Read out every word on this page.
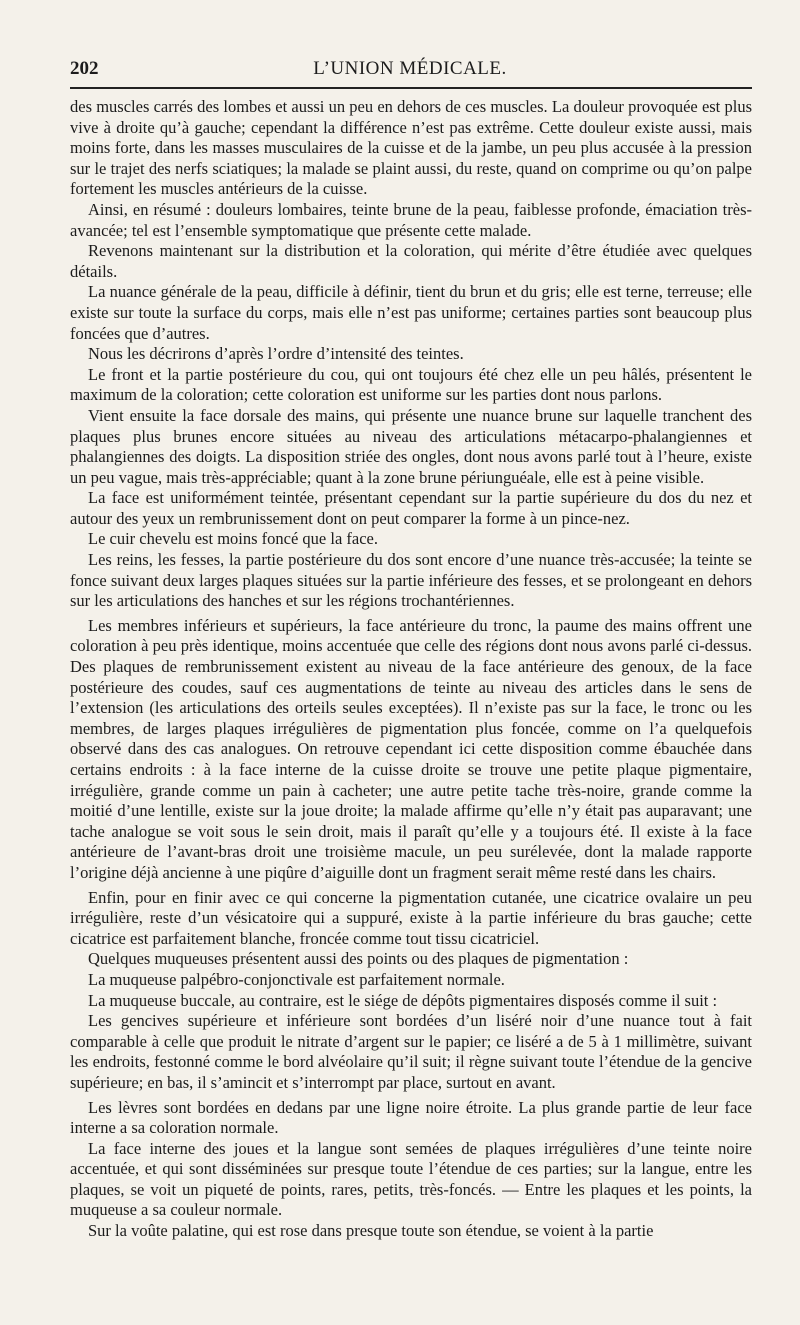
202	L’UNION MÉDICALE.

des muscles carrés des lombes et aussi un peu en dehors de ces muscles. La douleur provoquée est plus vive à droite qu’à gauche; cependant la différence n’est pas extrême. Cette douleur existe aussi, mais moins forte, dans les masses musculaires de la cuisse et de la jambe, un peu plus accusée à la pression sur le trajet des nerfs sciatiques; la malade se plaint aussi, du reste, quand on comprime ou qu’on palpe fortement les muscles antérieurs de la cuisse.

Ainsi, en résumé : douleurs lombaires, teinte brune de la peau, faiblesse profonde, émaciation très-avancée; tel est l’ensemble symptomatique que présente cette malade.

Revenons maintenant sur la distribution et la coloration, qui mérite d’être étudiée avec quelques détails.

La nuance générale de la peau, difficile à définir, tient du brun et du gris; elle est terne, terreuse; elle existe sur toute la surface du corps, mais elle n’est pas uniforme; certaines parties sont beaucoup plus foncées que d’autres.

Nous les décrirons d’après l’ordre d’intensité des teintes.

Le front et la partie postérieure du cou, qui ont toujours été chez elle un peu hâlés, présentent le maximum de la coloration; cette coloration est uniforme sur les parties dont nous parlons.

Vient ensuite la face dorsale des mains, qui présente une nuance brune sur laquelle tranchent des plaques plus brunes encore situées au niveau des articulations métacarpo-phalangiennes et phalangiennes des doigts. La disposition striée des ongles, dont nous avons parlé tout à l’heure, existe un peu vague, mais très-appréciable; quant à la zone brune périunguéale, elle est à peine visible.

La face est uniformément teintée, présentant cependant sur la partie supérieure du dos du nez et autour des yeux un rembrunissement dont on peut comparer la forme à un pince-nez.

Le cuir chevelu est moins foncé que la face.

Les reins, les fesses, la partie postérieure du dos sont encore d’une nuance très-accusée; la teinte se fonce suivant deux larges plaques situées sur la partie inférieure des fesses, et se prolongeant en dehors sur les articulations des hanches et sur les régions trochantériennes.

Les membres inférieurs et supérieurs, la face antérieure du tronc, la paume des mains offrent une coloration à peu près identique, moins accentuée que celle des régions dont nous avons parlé ci-dessus. Des plaques de rembrunissement existent au niveau de la face antérieure des genoux, de la face postérieure des coudes, sauf ces augmentations de teinte au niveau des articles dans le sens de l’extension (les articulations des orteils seules exceptées). Il n’existe pas sur la face, le tronc ou les membres, de larges plaques irrégulières de pigmentation plus foncée, comme on l’a quelquefois observé dans des cas analogues. On retrouve cependant ici cette disposition comme ébauchée dans certains endroits : à la face interne de la cuisse droite se trouve une petite plaque pigmentaire, irrégulière, grande comme un pain à cacheter; une autre petite tache très-noire, grande comme la moitié d’une lentille, existe sur la joue droite; la malade affirme qu’elle n’y était pas auparavant; une tache analogue se voit sous le sein droit, mais il paraît qu’elle y a toujours été. Il existe à la face antérieure de l’avant-bras droit une troisième macule, un peu surélevée, dont la malade rapporte l’origine déjà ancienne à une piqûre d’aiguille dont un fragment serait même resté dans les chairs.

Enfin, pour en finir avec ce qui concerne la pigmentation cutanée, une cicatrice ovalaire un peu irrégulière, reste d’un vésicatoire qui a suppuré, existe à la partie inférieure du bras gauche; cette cicatrice est parfaitement blanche, froncée comme tout tissu cicatriciel.

Quelques muqueuses présentent aussi des points ou des plaques de pigmentation :

La muqueuse palpébro-conjonctivale est parfaitement normale.

La muqueuse buccale, au contraire, est le siége de dépôts pigmentaires disposés comme il suit :

Les gencives supérieure et inférieure sont bordées d’un liséré noir d’une nuance tout à fait comparable à celle que produit le nitrate d’argent sur le papier; ce liséré a de 5 à 1 millimètre, suivant les endroits, festonné comme le bord alvéolaire qu’il suit; il règne suivant toute l’étendue de la gencive supérieure; en bas, il s’amincit et s’interrompt par place, surtout en avant.

Les lèvres sont bordées en dedans par une ligne noire étroite. La plus grande partie de leur face interne a sa coloration normale.

La face interne des joues et la langue sont semées de plaques irrégulières d’une teinte noire accentuée, et qui sont disséminées sur presque toute l’étendue de ces parties; sur la langue, entre les plaques, se voit un piqueté de points, rares, petits, très-foncés. — Entre les plaques et les points, la muqueuse a sa couleur normale.

Sur la voûte palatine, qui est rose dans presque toute son étendue, se voient à la partie
